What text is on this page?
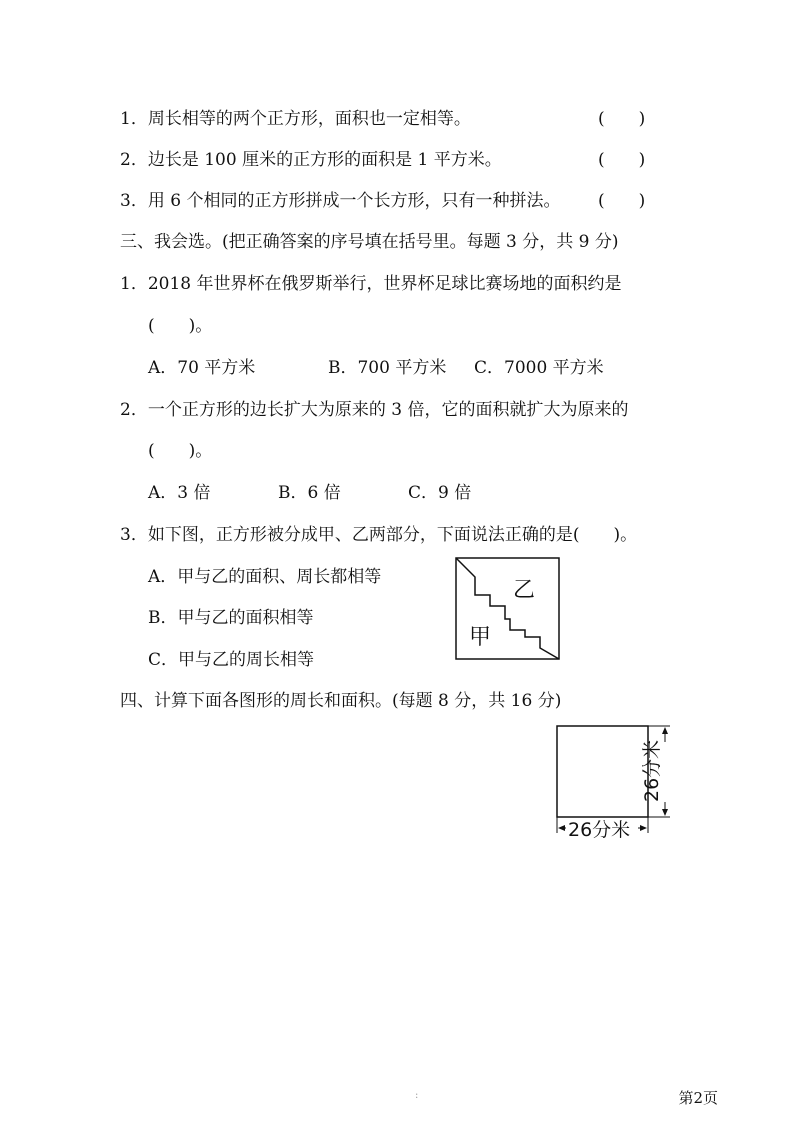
1．周长相等的两个正方形，面积也一定相等。	(　　)
2．边长是 100 厘米的正方形的面积是 1 平方米。	(　　)
3．用 6 个相同的正方形拼成一个长方形，只有一种拼法。 (　　)
三、我会选。(把正确答案的序号填在括号里。每题 3 分，共 9 分)
1．2018 年世界杯在俄罗斯举行，世界杯足球比赛场地的面积约是
(　　)。
A．70 平方米	B．700 平方米 C．7000 平方米
2．一个正方形的边长扩大为原来的 3 倍，它的面积就扩大为原来的
(　　)。
A．3 倍	B．6 倍	C．9 倍
3．如下图，正方形被分成甲、乙两部分，下面说法正确的是(　　)。
A．甲与乙的面积、周长都相等
B．甲与乙的面积相等
C．甲与乙的周长相等
乙
甲
四、计算下面各图形的周长和面积。(每题 8 分，共 16 分)
26分米
26分米
:	第2页
